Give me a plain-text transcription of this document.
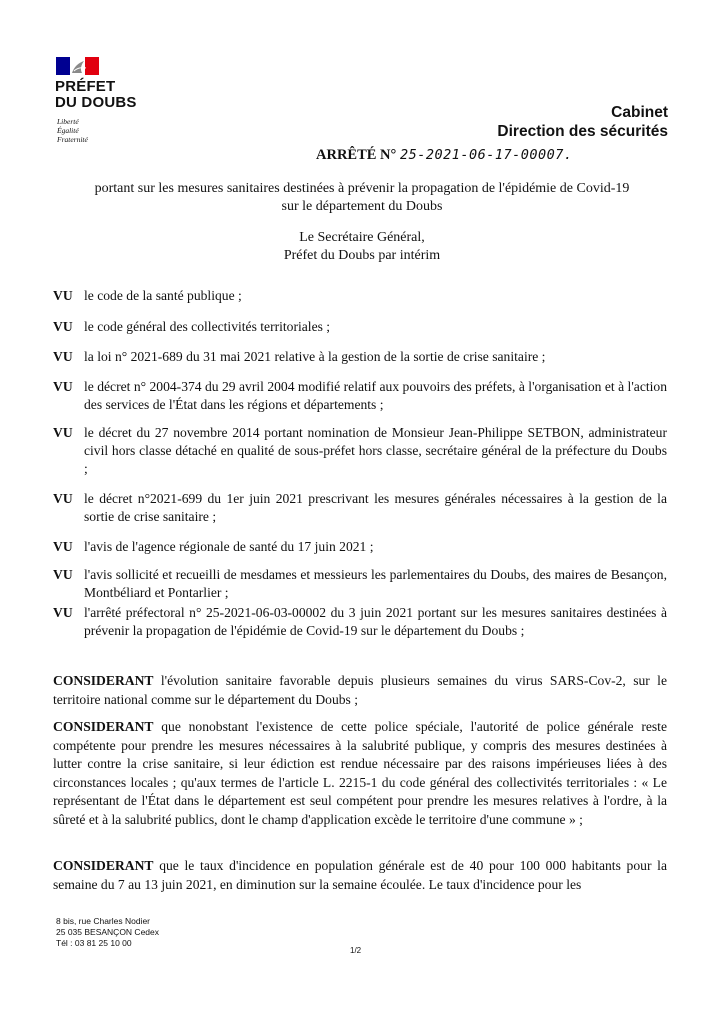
PRÉFET
DU DOUBS
Liberté
Égalité
Fraternité
Cabinet
Direction des sécurités
ARRÊTÉ N° 25-2021-06-17-00007.
portant sur les mesures sanitaires destinées à prévenir la propagation de l'épidémie de Covid-19
sur le département du Doubs
Le Secrétaire Général,
Préfet du Doubs par intérim
VU le code de la santé publique ;
VU le code général des collectivités territoriales ;
VU la loi n° 2021-689 du 31 mai 2021 relative à la gestion de la sortie de crise sanitaire ;
VU le décret n° 2004-374 du 29 avril 2004 modifié relatif aux pouvoirs des préfets, à l'organisation et à l'action des services de l'État dans les régions et départements ;
VU le décret du 27 novembre 2014 portant nomination de Monsieur Jean-Philippe SETBON, administrateur civil hors classe détaché en qualité de sous-préfet hors classe, secrétaire général de la préfecture du Doubs ;
VU le décret n°2021-699 du 1er juin 2021 prescrivant les mesures générales nécessaires à la gestion de la sortie de crise sanitaire ;
VU l'avis de l'agence régionale de santé du 17 juin 2021 ;
VU l'avis sollicité et recueilli de mesdames et messieurs les parlementaires du Doubs, des maires de Besançon, Montbéliard et Pontarlier ;
VU l'arrêté préfectoral n° 25-2021-06-03-00002 du 3 juin 2021 portant sur les mesures sanitaires destinées à prévenir la propagation de l'épidémie de Covid-19 sur le département du Doubs ;
CONSIDERANT l'évolution sanitaire favorable depuis plusieurs semaines du virus SARS-Cov-2, sur le territoire national comme sur le département du Doubs ;
CONSIDERANT que nonobstant l'existence de cette police spéciale, l'autorité de police générale reste compétente pour prendre les mesures nécessaires à la salubrité publique, y compris des mesures destinées à lutter contre la crise sanitaire, si leur édiction est rendue nécessaire par des raisons impérieuses liées à des circonstances locales ; qu'aux termes de l'article L. 2215-1 du code général des collectivités territoriales : « Le représentant de l'État dans le département est seul compétent pour prendre les mesures relatives à l'ordre, à la sûreté et à la salubrité publics, dont le champ d'application excède le territoire d'une commune » ;
CONSIDERANT que le taux d'incidence en population générale est de 40 pour 100 000 habitants pour la semaine du 7 au 13 juin 2021, en diminution sur la semaine écoulée. Le taux d'incidence pour les
8 bis, rue Charles Nodier
25 035 BESANÇON Cedex
Tél : 03 81 25 10 00
1/2
